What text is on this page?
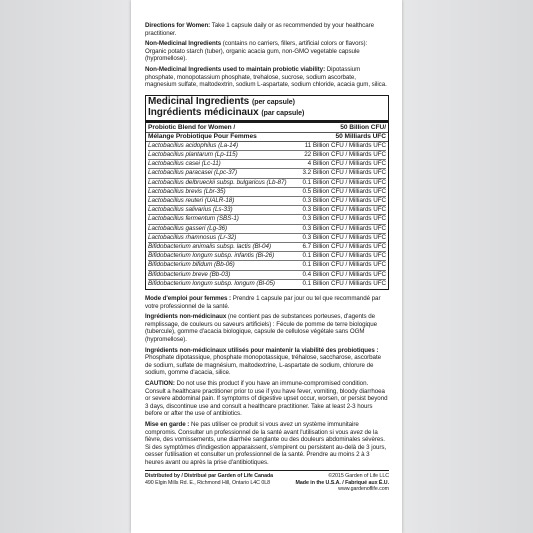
Directions for Women: Take 1 capsule daily or as recommended by your healthcare practitioner.

Non-Medicinal Ingredients (contains no carriers, fillers, artificial colors or flavors): Organic potato starch (tuber), organic acacia gum, non-GMO vegetable capsule (hypromellose).

Non-Medicinal Ingredients used to maintain probiotic viability: Dipotassium phosphate, monopotassium phosphate, trehalose, sucrose, sodium ascorbate, magnesium sulfate, maltodextrin, sodium L-aspartate, sodium chloride, acacia gum, silica.

Medicinal Ingredients (per capsule)
Ingrédients médicinaux (par capsule)
Probiotic Blend for Women /	50 Billion CFU/
Mélange Probiotique Pour Femmes	50 Milliards UFC
Lactobacillus acidophilus (La-14)	11 Billion CFU / Milliards UFC
Lactobacillus plantarum (Lp-115)	22 Billion CFU / Milliards UFC
Lactobacillus casei (Lc-11)	4 Billion CFU / Milliards UFC
Lactobacillus paracasei (Lpc-37)	3.2 Billion CFU / Milliards UFC
Lactobacillus delbrueckii subsp. bulgaricus (Lb-87)	0.1 Billion CFU / Milliards UFC
Lactobacillus brevis (Lbr-35)	0.5 Billion CFU / Milliards UFC
Lactobacillus reuteri (UALR-18)	0.3 Billion CFU / Milliards UFC
Lactobacillus salivarius (Ls-33)	0.3 Billion CFU / Milliards UFC
Lactobacillus fermentum (SBS-1)	0.3 Billion CFU / Milliards UFC
Lactobacillus gasseri (Lg-36)	0.3 Billion CFU / Milliards UFC
Lactobacillus rhamnosus (Lr-32)	0.3 Billion CFU / Milliards UFC
Bifidobacterium animalis subsp. lactis (Bl-04)	6.7 Billion CFU / Milliards UFC
Bifidobacterium longum subsp. infantis (Bi-26)	0.1 Billion CFU / Milliards UFC
Bifidobacterium bifidum (Bb-06)	0.1 Billion CFU / Milliards UFC
Bifidobacterium breve (Bb-03)	0.4 Billion CFU / Milliards UFC
Bifidobacterium longum subsp. longum (Bl-05)	0.1 Billion CFU / Milliards UFC

Mode d'emploi pour femmes : Prendre 1 capsule par jour ou tel que recommandé par votre professionnel de la santé.

Ingrédients non-médicinaux (ne contient pas de substances porteuses, d'agents de remplissage, de couleurs ou saveurs artificiels) : Fécule de pomme de terre biologique (tubercule), gomme d'acacia biologique, capsule de cellulose végétale sans OGM (hypromellose).

Ingrédients non-médicinaux utilisés pour maintenir la viabilité des probiotiques : Phosphate dipotassique, phosphate monopotassique, tréhalose, saccharose, ascorbate de sodium, sulfate de magnésium, maltodextrine, L-aspartate de sodium, chlorure de sodium, gomme d'acacia, silice.

CAUTION: Do not use this product if you have an immune-compromised condition. Consult a healthcare practitioner prior to use if you have fever, vomiting, bloody diarrhoea or severe abdominal pain. If symptoms of digestive upset occur, worsen, or persist beyond 3 days, discontinue use and consult a healthcare practitioner. Take at least 2-3 hours before or after the use of antibiotics.

Mise en garde : Ne pas utiliser ce produit si vous avez un système immunitaire compromis. Consulter un professionnel de la santé avant l'utilisation si vous avez de la fièvre, des vomissements, une diarrhée sanglante ou des douleurs abdominales sévères. Si des symptômes d'indigestion apparaissent, s'empirent ou persistent au-delà de 3 jours, cesser l'utilisation et consulter un professionnel de la santé. Prendre au moins 2 à 3 heures avant ou après la prise d'antibiotiques.

Distributed by / Distribué par Garden of Life Canada	©2015 Garden of Life LLC
490 Elgin Mills Rd. E., Richmond Hill, Ontario L4C 0L8	Made in the U.S.A. / Fabriqué aux É.U.
www.gardenoflife.com
